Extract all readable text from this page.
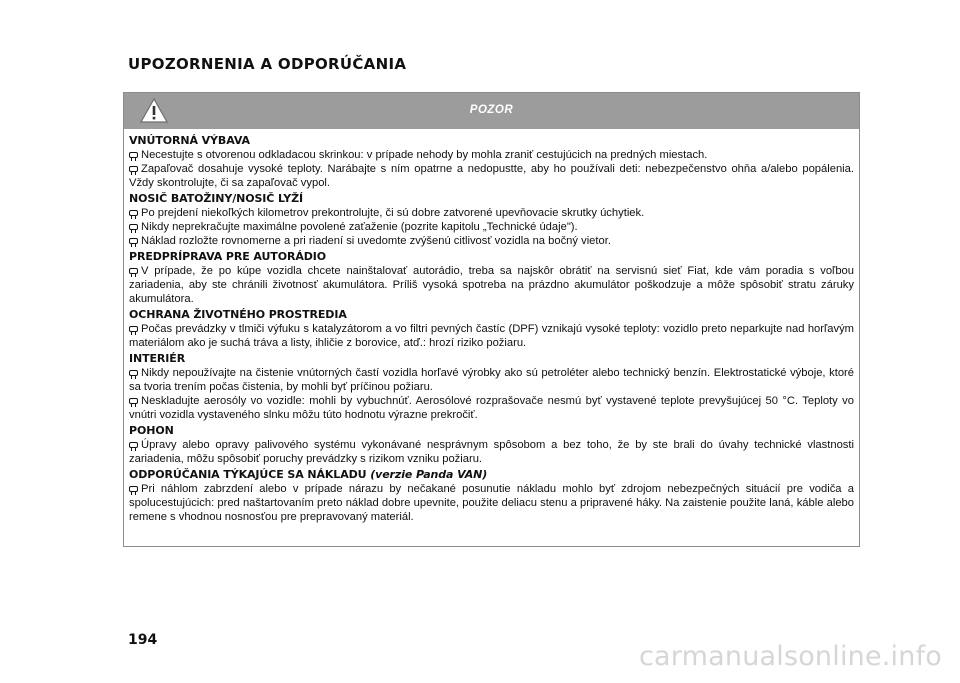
UPOZORNENIA A ODPORÚČANIA
POZOR
VNÚTORNÁ VÝBAVA

Necestujte s otvorenou odkladacou skrinkou: v prípade nehody by mohla zraniť cestujúcich na predných miestach.

Zapaľovač dosahuje vysoké teploty. Narábajte s ním opatrne a nedopustte, aby ho používali deti: nebezpečenstvo ohňa a/alebo popálenia. Vždy skontrolujte, či sa zapaľovač vypol.

NOSIČ BATOŽINY/NOSIČ LYŽÍ

Po prejdení niekoľkých kilometrov prekontrolujte, či sú dobre zatvorené upevňovacie skrutky úchytiek.

Nikdy neprekračujte maximálne povolené zaťaženie (pozrite kapitolu „Technické údaje").

Náklad rozložte rovnomerne a pri riadení si uvedomte zvýšenú citlivosť vozidla na bočný vietor.

PREDPRÍPRAVA PRE AUTORÁDIO

V prípade, že po kúpe vozidla chcete nainštalovať autorádio, treba sa najskôr obrátiť na servisnú sieť Fiat, kde vám poradia s voľbou zariadenia, aby ste chránili životnosť akumulátora. Príliš vysoká spotreba na prázdno akumulátor poškodzuje a môže spôsobiť stratu záruky akumulátora.

OCHRANA ŽIVOTNÉHO PROSTREDIA

Počas prevádzky v tlmiči výfuku s katalyzátorom a vo filtri pevných častíc (DPF) vznikajú vysoké teploty: vozidlo preto neparkujte nad horľavým materiálom ako je suchá tráva a listy, ihličie z borovice, atď.: hrozí riziko požiaru.

INTERIÉR

Nikdy nepoužívajte na čistenie vnútorných častí vozidla horľavé výrobky ako sú petroléter alebo technický benzín. Elektrostatické výboje, ktoré sa tvoria trením počas čistenia, by mohli byť príčinou požiaru.

Neskladujte aerosóly vo vozidle: mohli by vybuchnúť. Aerosólové rozprašovače nesmú byť vystavené teplote prevyšujúcej 50 °C. Teploty vo vnútri vozidla vystaveného slnku môžu túto hodnotu výrazne prekročiť.

POHON

Úpravy alebo opravy palivového systému vykonávané nesprávnym spôsobom a bez toho, že by ste brali do úvahy technické vlastnosti zariadenia, môžu spôsobiť poruchy prevádzky s rizikom vzniku požiaru.

ODPORÚČANIA TÝKAJÚCE SA NÁKLADU (verzie Panda VAN)

Pri náhlom zabrzdení alebo v prípade nárazu by nečakané posunutie nákladu mohlo byť zdrojom nebezpečných situácií pre vodiča a spolucestujúcich: pred naštartovaním preto náklad dobre upevnite, použite deliacu stenu a pripravené háky. Na zaistenie použite laná, káble alebo remene s vhodnou nosnosťou pre prepravovaný materiál.

194
carmanualsonline.info
